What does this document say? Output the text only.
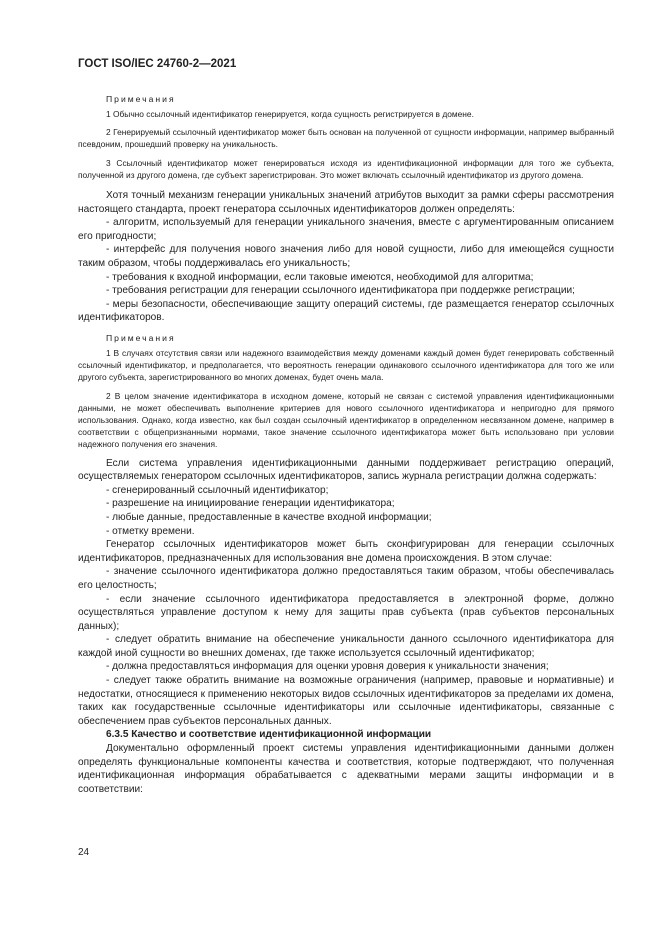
ГОСТ ISO/IEC 24760-2—2021
Примечания

1 Обычно ссылочный идентификатор генерируется, когда сущность регистрируется в домене.

2 Генерируемый ссылочный идентификатор может быть основан на полученной от сущности информации, например выбранный псевдоним, прошедший проверку на уникальность.

3 Ссылочный идентификатор может генерироваться исходя из идентификационной информации для того же субъекта, полученной из другого домена, где субъект зарегистрирован. Это может включать ссылочный идентификатор из другого домена.

Хотя точный механизм генерации уникальных значений атрибутов выходит за рамки сферы рассмотрения настоящего стандарта, проект генератора ссылочных идентификаторов должен определять:

- алгоритм, используемый для генерации уникального значения, вместе с аргументированным описанием его пригодности;

- интерфейс для получения нового значения либо для новой сущности, либо для имеющейся сущности таким образом, чтобы поддерживалась его уникальность;

- требования к входной информации, если таковые имеются, необходимой для алгоритма;

- требования регистрации для генерации ссылочного идентификатора при поддержке регистрации;

- меры безопасности, обеспечивающие защиту операций системы, где размещается генератор ссылочных идентификаторов.

Примечания

1 В случаях отсутствия связи или надежного взаимодействия между доменами каждый домен будет генерировать собственный ссылочный идентификатор, и предполагается, что вероятность генерации одинакового ссылочного идентификатора для того же или другого субъекта, зарегистрированного во многих доменах, будет очень мала.

2 В целом значение идентификатора в исходном домене, который не связан с системой управления идентификационными данными, не может обеспечивать выполнение критериев для нового ссылочного идентификатора и непригодно для прямого использования. Однако, когда известно, как был создан ссылочный идентификатор в определенном несвязанном домене, например в соответствии с общепризнанными нормами, такое значение ссылочного идентификатора может быть использовано при условии надежного получения его значения.

Если система управления идентификационными данными поддерживает регистрацию операций, осуществляемых генератором ссылочных идентификаторов, запись журнала регистрации должна содержать:

- сгенерированный ссылочный идентификатор;

- разрешение на инициирование генерации идентификатора;

- любые данные, предоставленные в качестве входной информации;

- отметку времени.

Генератор ссылочных идентификаторов может быть сконфигурирован для генерации ссылочных идентификаторов, предназначенных для использования вне домена происхождения. В этом случае:

- значение ссылочного идентификатора должно предоставляться таким образом, чтобы обеспечивалась его целостность;

- если значение ссылочного идентификатора предоставляется в электронной форме, должно осуществляться управление доступом к нему для защиты прав субъекта (прав субъектов персональных данных);

- следует обратить внимание на обеспечение уникальности данного ссылочного идентификатора для каждой иной сущности во внешних доменах, где также используется ссылочный идентификатор;

- должна предоставляться информация для оценки уровня доверия к уникальности значения;

- следует также обратить внимание на возможные ограничения (например, правовые и нормативные) и недостатки, относящиеся к применению некоторых видов ссылочных идентификаторов за пределами их домена, таких как государственные ссылочные идентификаторы или ссылочные идентификаторы, связанные с обеспечением прав субъектов персональных данных.

6.3.5 Качество и соответствие идентификационной информации

Документально оформленный проект системы управления идентификационными данными должен определять функциональные компоненты качества и соответствия, которые подтверждают, что полученная идентификационная информация обрабатывается с адекватными мерами защиты информации и в соответствии:

24
